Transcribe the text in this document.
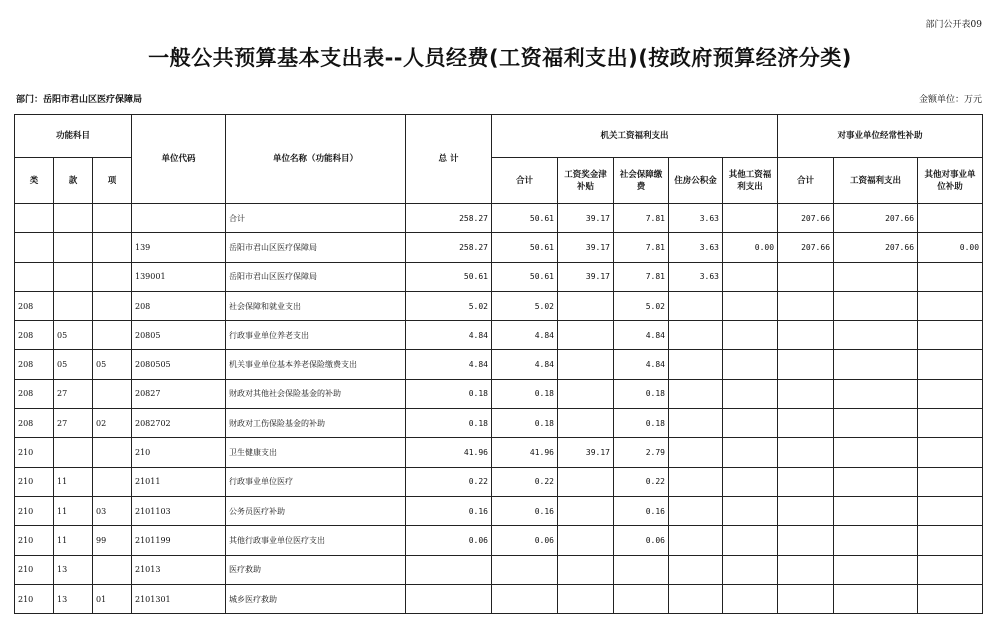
部门公开表09
一般公共预算基本支出表--人员经费(工资福利支出)(按政府预算经济分类)
部门：岳阳市君山区医疗保障局	金额单位：万元
功能科目			单位代码	单位名称（功能科目）	总 计	机关工资福利支出					对事业单位经常性补助		
类	款	项				合计	工资奖金津补贴	社会保障缴费	住房公积金	其他工资福利支出	合计	工资福利支出	其他对事业单位补助
				合计	258.27	50.61	39.17	7.81	3.63		207.66	207.66	
			139	岳阳市君山区医疗保障局	258.27	50.61	39.17	7.81	3.63	0.00	207.66	207.66	0.00
			139001	岳阳市君山区医疗保障局	50.61	50.61	39.17	7.81	3.63				
208			208	社会保障和就业支出	5.02	5.02		5.02					
208	05		20805	行政事业单位养老支出	4.84	4.84		4.84					
208	05	05	2080505	机关事业单位基本养老保险缴费支出	4.84	4.84		4.84					
208	27		20827	财政对其他社会保险基金的补助	0.18	0.18		0.18					
208	27	02	2082702	财政对工伤保险基金的补助	0.18	0.18		0.18					
210			210	卫生健康支出	41.96	41.96	39.17	2.79					
210	11		21011	行政事业单位医疗	0.22	0.22		0.22					
210	11	03	2101103	公务员医疗补助	0.16	0.16		0.16					
210	11	99	2101199	其他行政事业单位医疗支出	0.06	0.06		0.06					
210	13		21013	医疗救助									
210	13	01	2101301	城乡医疗救助									
